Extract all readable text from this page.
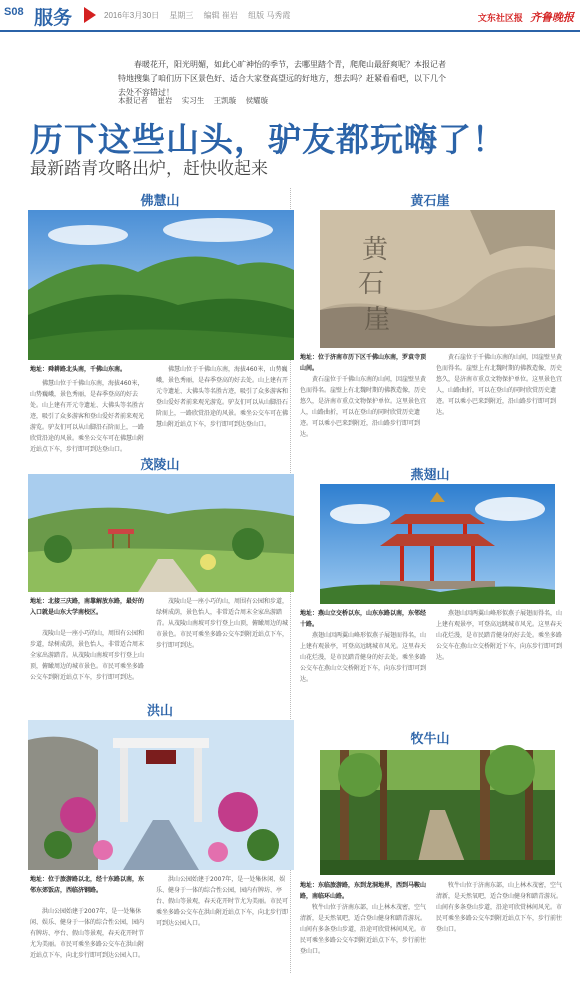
S08 服务	2016年3月30日 星期三 编辑 崔岩 组版 马秀霞	文东社区报 齐鲁晚报
春暖花开，阳光明媚，如此心旷神怡的季节，去哪里踏个青，爬爬山最舒爽呢？本报记者特地搜集了咱们历下区景色好、适合大家登高望远的好地方，想去吗？赶紧看看吧，以下几个去处不容错过！
本报记者 崔岩 实习生 王凯璇 侯耀璇
历下这些山头，驴友都玩嗨了！
最新踏青攻略出炉，赶快收起来
佛慧山
地址：舜耕路北头南，千佛山东南。
佛慧山位于千佛山东南，海拔460米，山势巍峨，景色秀丽，是春季登高的好去处。山上建有开元寺遗址、大佛头等名胜古迹，吸引了众多游客和登山爱好者前来观光游览。驴友们可以从山脚沿石阶而上，一路欣赏沿途的风景。乘坐公交车可在佛慧山附近站点下车，步行即可到达登山口。
佛慧山位于千佛山东南，海拔460米，山势巍峨，景色秀丽，是春季登高的好去处。山上建有开元寺遗址、大佛头等名胜古迹，吸引了众多游客和登山爱好者前来观光游览。驴友们可以从山脚沿石阶而上，一路欣赏沿途的风景。乘坐公交车可在佛慧山附近站点下车，步行即可到达登山口。
黄石崖
黄
石
崖
地址：位于济南市历下区千佛山东南，罗袁寺顶山间。
黄石崖位于千佛山东南的山间，因崖壁呈黄色而得名。崖壁上有北魏时期的佛教造像，历史悠久，是济南市重点文物保护单位。这里景色宜人，山路曲折，可以在登山的同时欣赏历史遗迹。可以乘小巴来到附近，沿山路步行即可到达。
黄石崖位于千佛山东南的山间，因崖壁呈黄色而得名。崖壁上有北魏时期的佛教造像，历史悠久，是济南市重点文物保护单位。这里景色宜人，山路曲折，可以在登山的同时欣赏历史遗迹。可以乘小巴来到附近，沿山路步行即可到达。
茂陵山
地址：北接三庆路，南靠解放东路，最好的入口就是山东大学南校区。
茂陵山是一座小巧的山，周围有公园和步道，绿树成荫，景色怡人，非常适合周末全家出游踏青。从茂陵山南坡可步行登上山顶，俯瞰周边的城市景色。市民可乘坐多路公交车到附近站点下车，步行即可到达。
茂陵山是一座小巧的山，周围有公园和步道，绿树成荫，景色怡人，非常适合周末全家出游踏青。从茂陵山南坡可步行登上山顶，俯瞰周边的城市景色。市民可乘坐多路公交车到附近站点下车，步行即可到达。
燕翅山
地址：燕山立交桥以东，山东东路以南，东邻经十路。
燕翅山因两翼山峰形似燕子展翅而得名，山上建有观景亭，可登高远眺城市风光。这里春天山花烂漫，是市民踏青健身的好去处。乘坐多路公交车在燕山立交桥附近下车，向东步行即可到达。
燕翅山因两翼山峰形似燕子展翅而得名，山上建有观景亭，可登高远眺城市风光。这里春天山花烂漫，是市民踏青健身的好去处。乘坐多路公交车在燕山立交桥附近下车，向东步行即可到达。
洪山
地址：位于旅游路以北，经十东路以南，东邻东郊饭店，西临济钢路。
洪山公园始建于2007年，是一处集休闲、娱乐、健身于一体的综合性公园，园内有牌坊、亭台、假山等景观，春天花开时节尤为美丽。市民可乘坐多路公交车在洪山附近站点下车，向北步行即可到达公园入口。
洪山公园始建于2007年，是一处集休闲、娱乐、健身于一体的综合性公园，园内有牌坊、亭台、假山等景观，春天花开时节尤为美丽。市民可乘坐多路公交车在洪山附近站点下车，向北步行即可到达公园入口。
牧牛山
地址：东临旅游路，东到龙洞地界，西到马鞍山路，南临环山路。
牧牛山位于济南东部，山上林木茂密，空气清新，是天然氧吧，适合登山健身和踏青游玩。山间有多条登山步道，沿途可欣赏林间风光。市民可乘坐多路公交车到附近站点下车，步行前往登山口。
牧牛山位于济南东部，山上林木茂密，空气清新，是天然氧吧，适合登山健身和踏青游玩。山间有多条登山步道，沿途可欣赏林间风光。市民可乘坐多路公交车到附近站点下车，步行前往登山口。
